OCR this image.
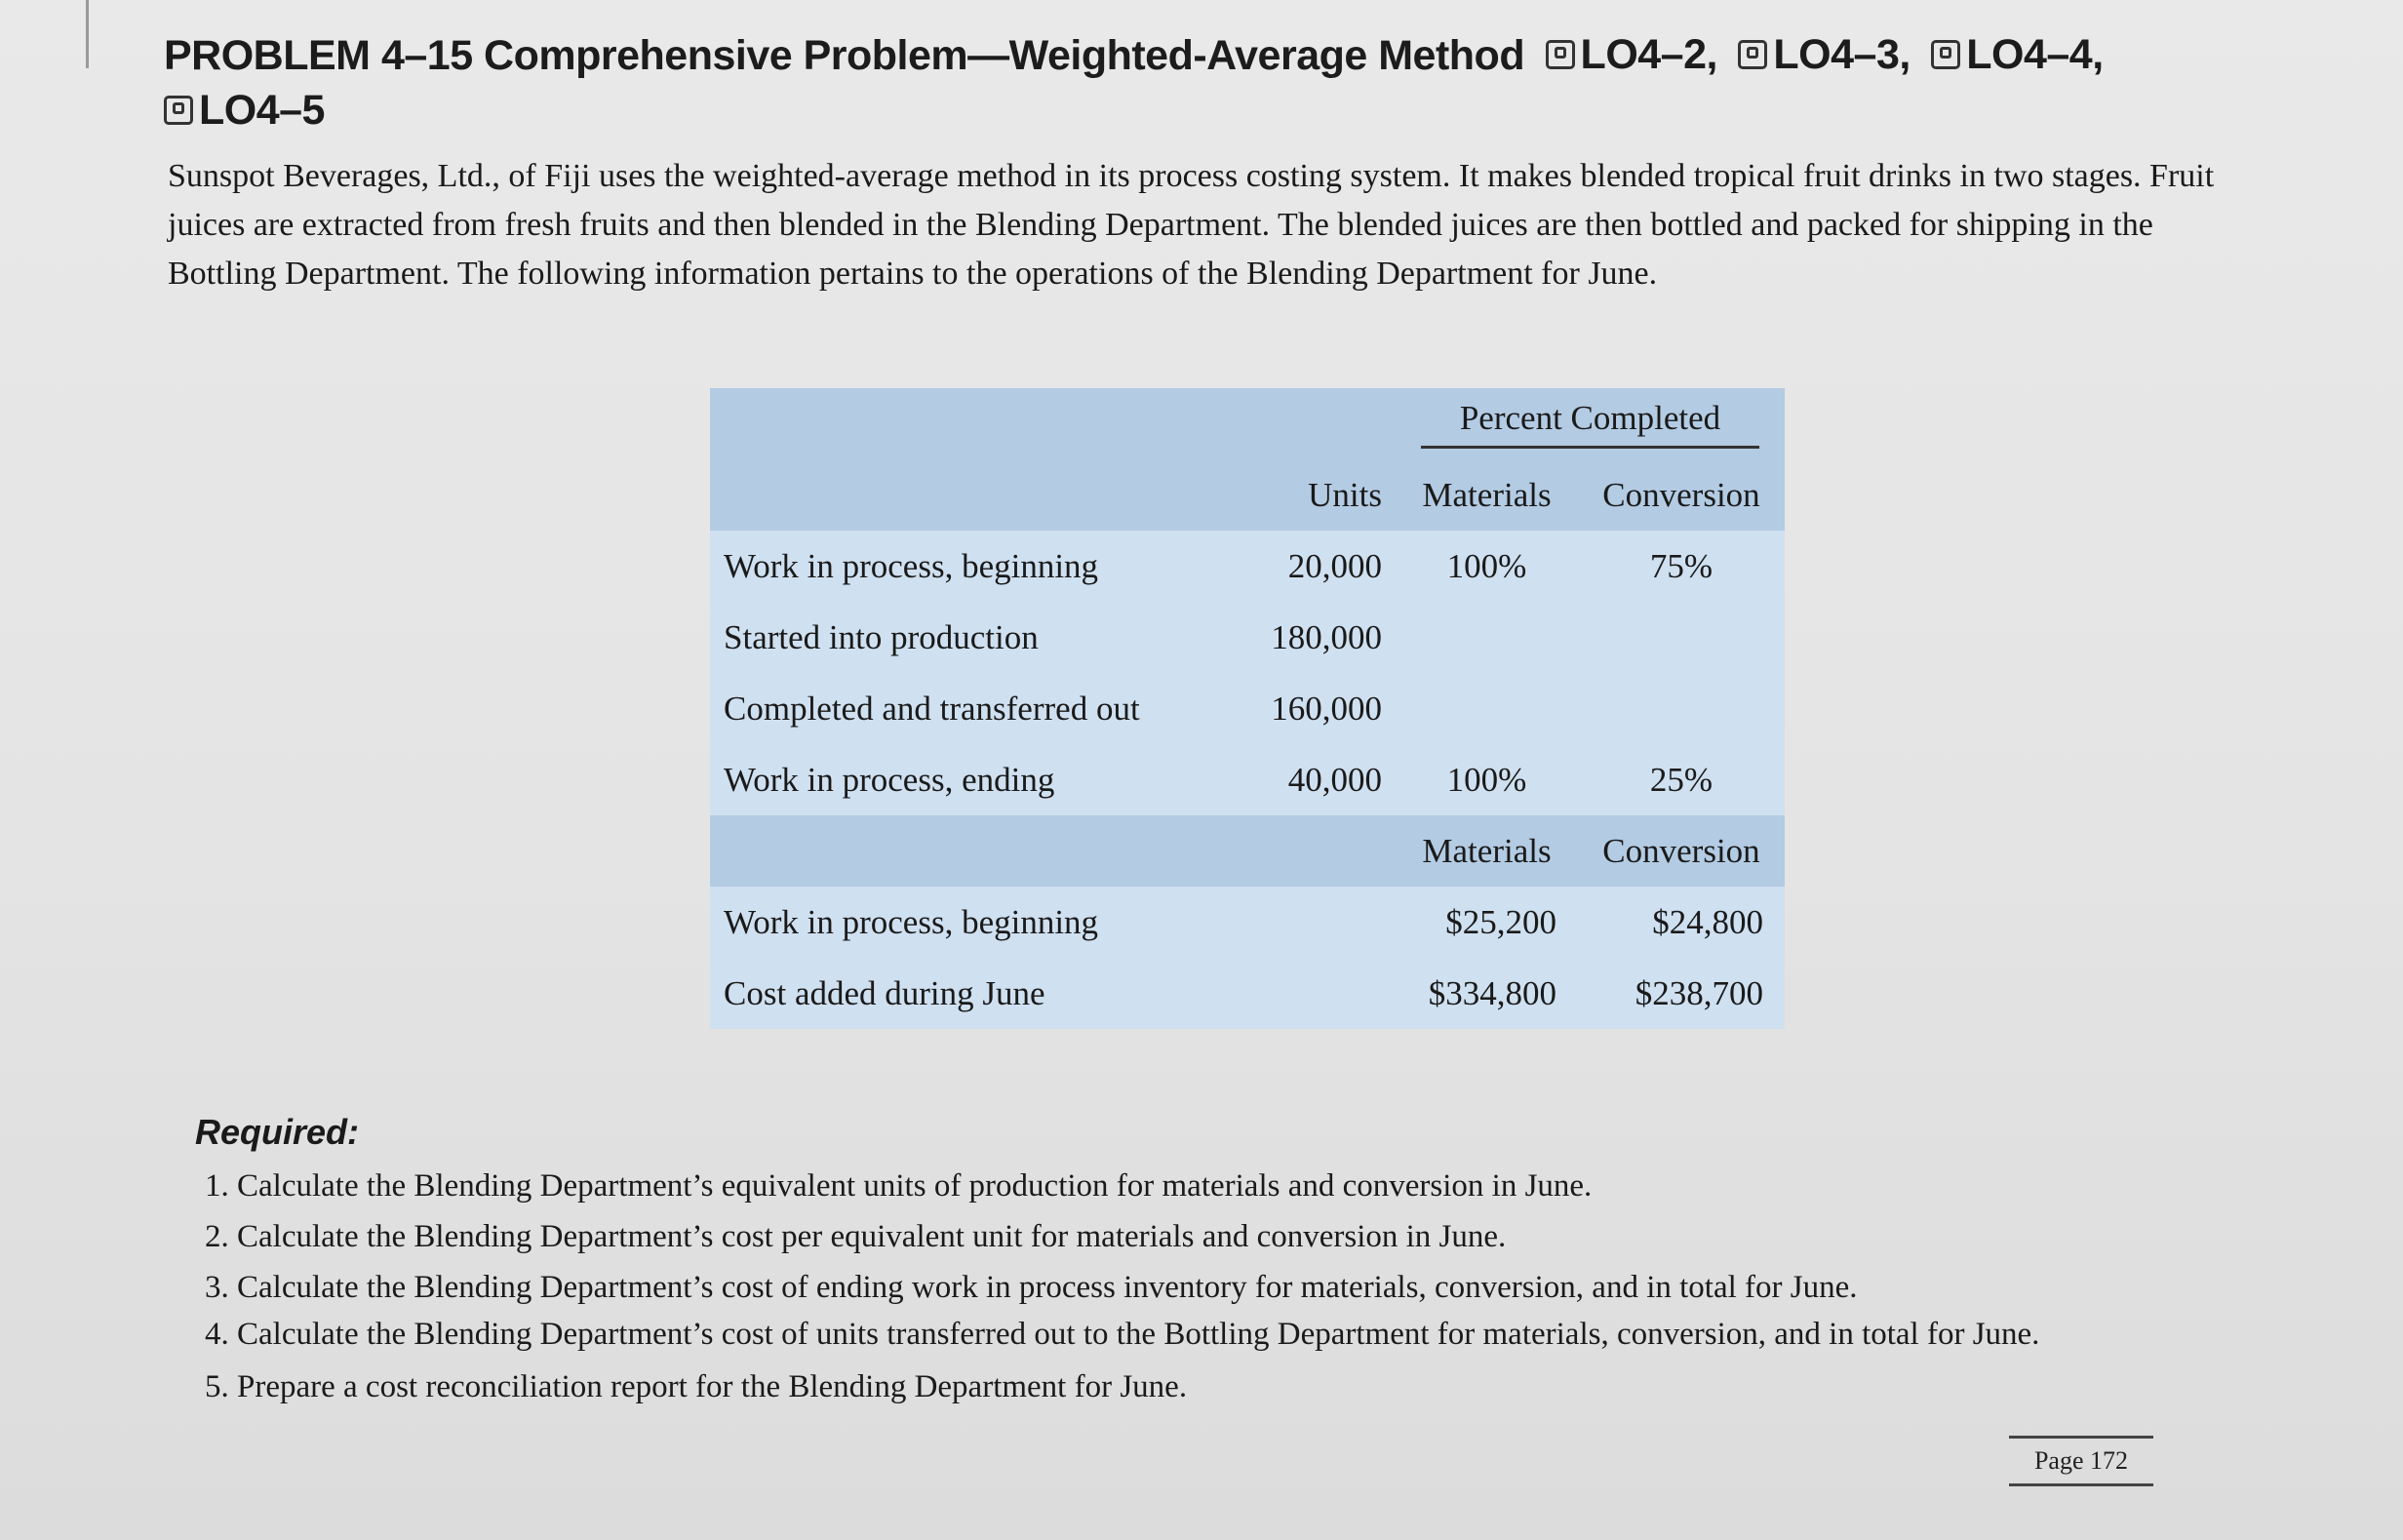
PROBLEM 4–15 Comprehensive Problem—Weighted-Average Method LO4–2,
LO4–3,
LO4–4,

LO4–5
Sunspot Beverages, Ltd., of Fiji uses the weighted-average method in its process costing system. It makes blended tropical fruit drinks in two stages. Fruit juices are extracted from fresh fruits and then blended in the Blending Department. The blended juices are then bottled and packed for shipping in the Bottling Department. The following information pertains to the operations of the Blending Department for June.
		Percent Completed	
	Units	Materials	Conversion
Work in process, beginning	20,000	100%	75%
Started into production	180,000		
Completed and transferred out	160,000		
Work in process, ending	40,000	100%	25%
		Materials	Conversion
Work in process, beginning		$25,200	$24,800
Cost added during June		$334,800	$238,700
Required:
1. Calculate the Blending Department’s equivalent units of production for materials and conversion in June.
2. Calculate the Blending Department’s cost per equivalent unit for materials and conversion in June.
3. Calculate the Blending Department’s cost of ending work in process inventory for materials, conversion, and in total for June.
4. Calculate the Blending Department’s cost of units transferred out to the Bottling Department for materials, conversion, and in total for June.
5. Prepare a cost reconciliation report for the Blending Department for June.
Page 172
